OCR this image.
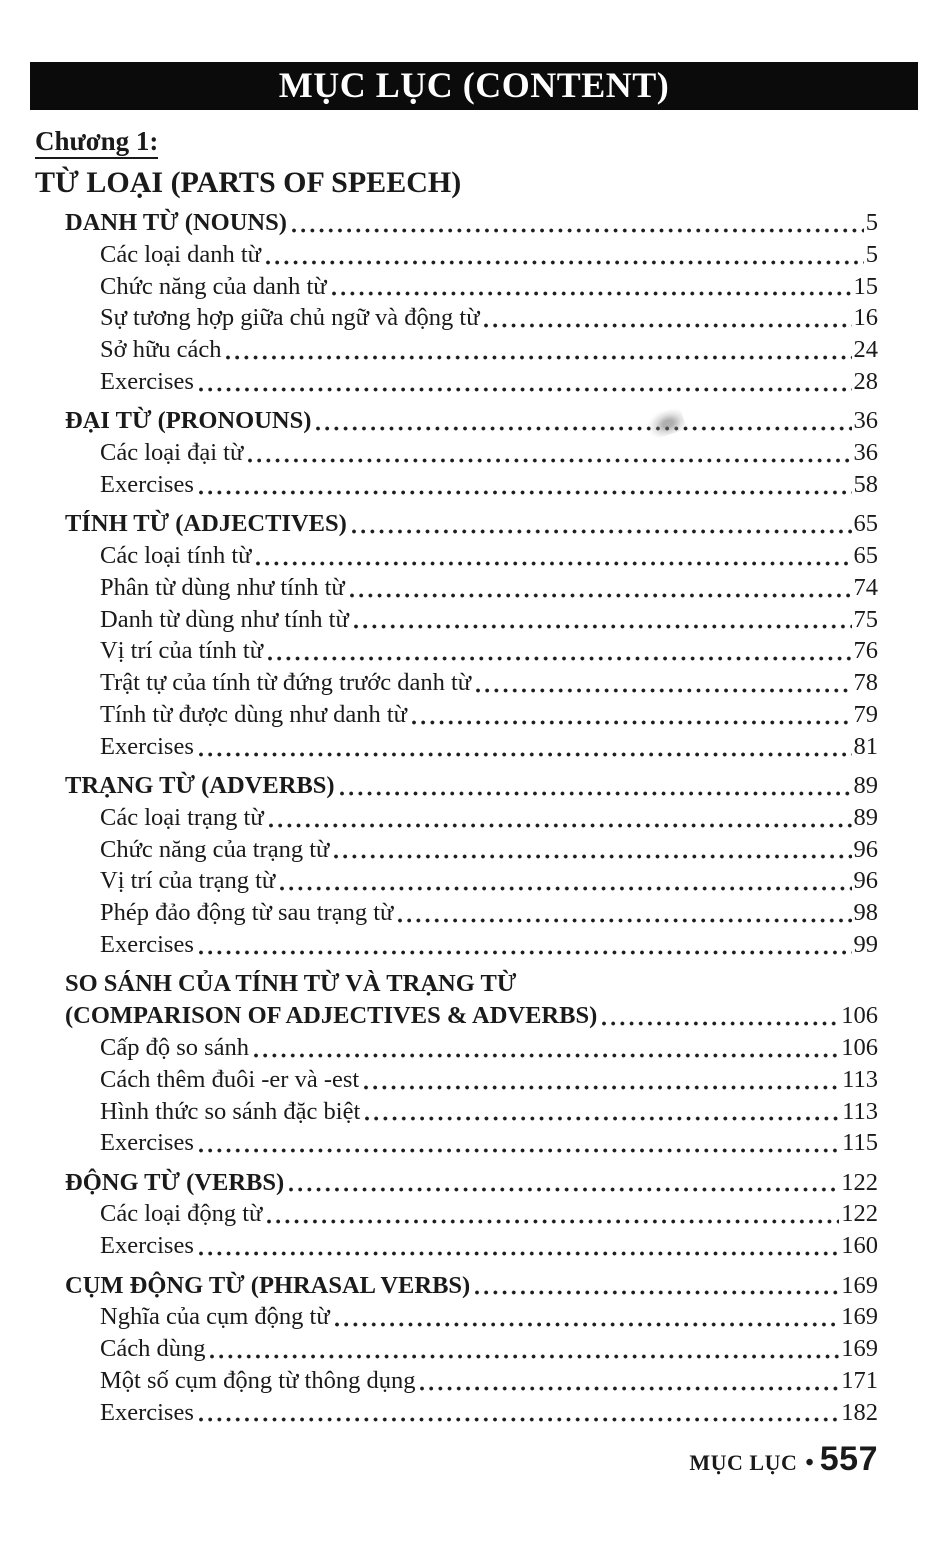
MỤC LỤC (CONTENT)
Chương 1:
TỪ LOẠI (PARTS OF SPEECH)
DANH TỪ (NOUNS)	5
Các loại danh từ	5
Chức năng của danh từ	15
Sự tương hợp giữa chủ ngữ và động từ	16
Sở hữu cách	24
Exercises	28
ĐẠI TỪ (PRONOUNS)	36
Các loại đại từ	36
Exercises	58
TÍNH TỪ (ADJECTIVES)	65
Các loại tính từ	65
Phân từ dùng như tính từ	74
Danh từ dùng như tính từ	75
Vị trí của tính từ	76
Trật tự của tính từ đứng trước danh từ	78
Tính từ được dùng như danh từ	79
Exercises	81
TRẠNG TỪ (ADVERBS)	89
Các loại trạng từ	89
Chức năng của trạng từ	96
Vị trí của trạng từ	96
Phép đảo động từ sau trạng từ	98
Exercises	99
SO SÁNH CỦA TÍNH TỪ VÀ TRẠNG TỪ
(COMPARISON OF ADJECTIVES & ADVERBS)	106
Cấp độ so sánh	106
Cách thêm đuôi -er và -est	113
Hình thức so sánh đặc biệt	113
Exercises	115
ĐỘNG TỪ (VERBS)	122
Các loại động từ	122
Exercises	160
CỤM ĐỘNG TỪ (PHRASAL VERBS)	169
Nghĩa của cụm động từ	169
Cách dùng	169
Một số cụm động từ thông dụng	171
Exercises	182
MỤC LỤC • 557
